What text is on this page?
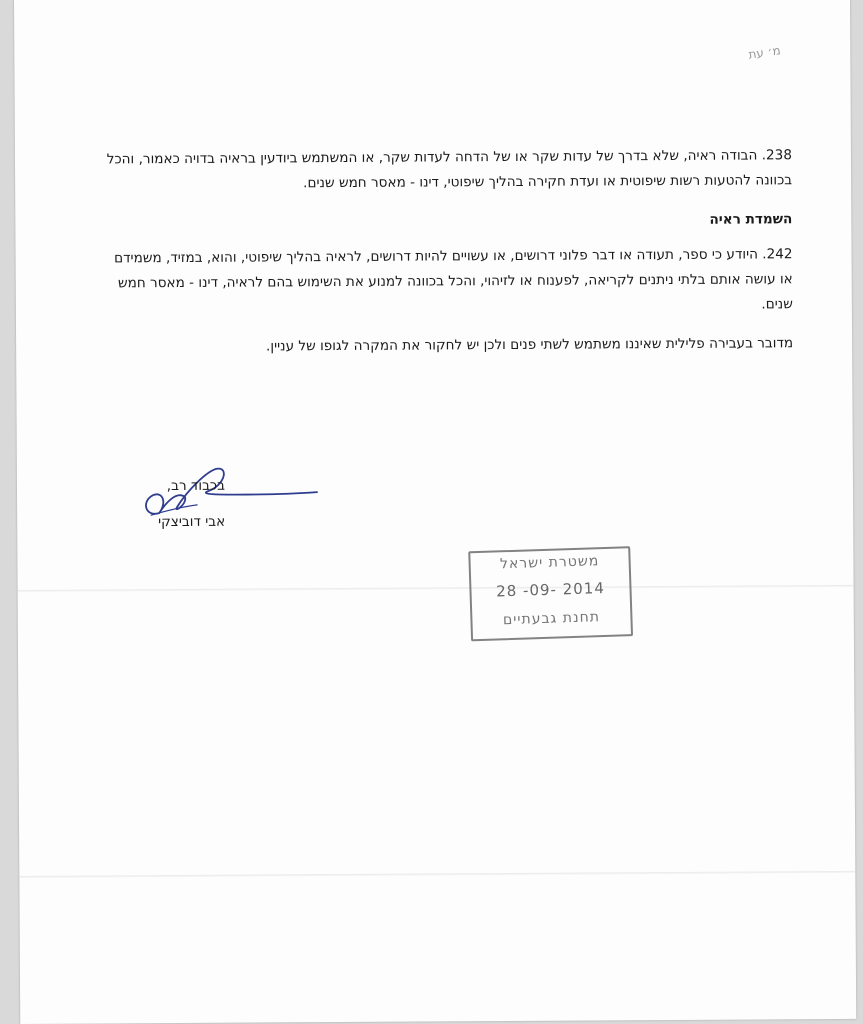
מ׳ עת

238. הבודה ראיה, שלא בדרך של עדות שקר או של הדחה לעדות שקר, או המשתמש ביודעין בראיה בדויה כאמור, והכל בכוונה להטעות רשות שיפוטית או ועדת חקירה בהליך שיפוטי, דינו - מאסר חמש שנים.

השמדת ראיה

242. היודע כי ספר, תעודה או דבר פלוני דרושים, או עשויים להיות דרושים, לראיה בהליך שיפוטי, והוא, במזיד, משמידם או עושה אותם בלתי ניתנים לקריאה, לפענוח או לזיהוי, והכל בכוונה למנוע את השימוש בהם לראיה, דינו - מאסר חמש שנים.

מדובר בעבירה פלילית שאיננו משתמש לשתי פנים ולכן יש לחקור את המקרה לגופו של עניין.

בכבוד רב,
אבי דוביצקי
משטרת ישראל
28 -09- 2014
תחנת גבעתיים
